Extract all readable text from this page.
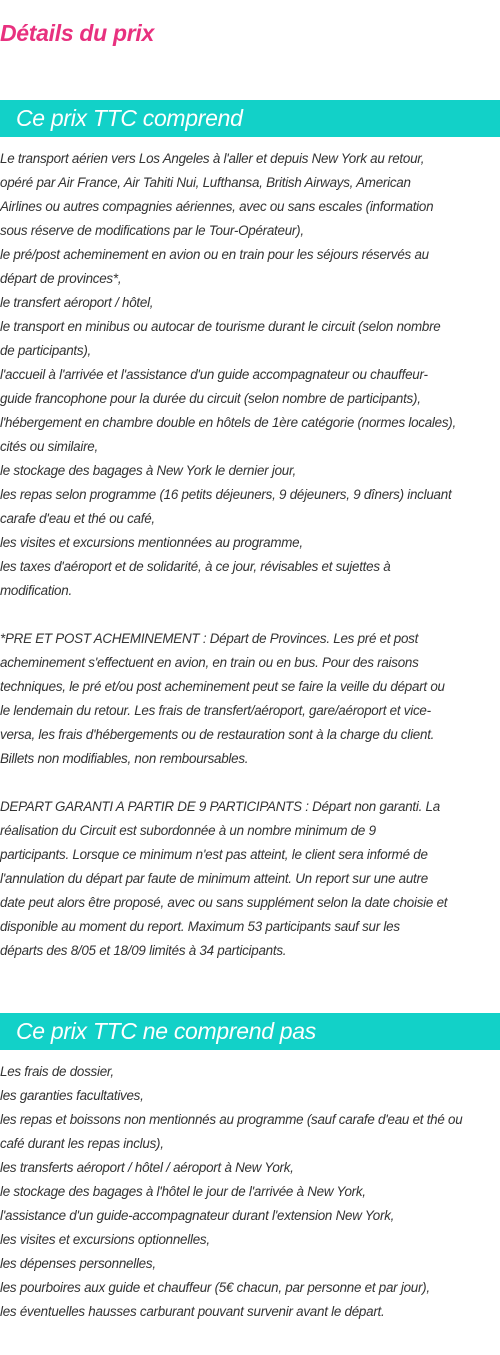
Détails du prix
Ce prix TTC comprend

Le transport aérien vers Los Angeles à l'aller et depuis New York au retour,

opéré par Air France, Air Tahiti Nui, Lufthansa, British Airways, American

Airlines ou autres compagnies aériennes, avec ou sans escales (information

sous réserve de modifications par le Tour-Opérateur),

le pré/post acheminement en avion ou en train pour les séjours réservés au

départ de provinces*,

le transfert aéroport / hôtel,

le transport en minibus ou autocar de tourisme durant le circuit (selon nombre

de participants),

l'accueil à l'arrivée et l'assistance d'un guide accompagnateur ou chauffeur-

guide francophone pour la durée du circuit (selon nombre de participants),

l'hébergement en chambre double en hôtels de 1ère catégorie (normes locales),

cités ou similaire,

le stockage des bagages à New York le dernier jour,

les repas selon programme (16 petits déjeuners, 9 déjeuners, 9 dîners) incluant

carafe d'eau et thé ou café,

les visites et excursions mentionnées au programme,

les taxes d'aéroport et de solidarité, à ce jour, révisables et sujettes à

modification.

*PRE ET POST ACHEMINEMENT : Départ de Provinces. Les pré et post

acheminement s'effectuent en avion, en train ou en bus. Pour des raisons

techniques, le pré et/ou post acheminement peut se faire la veille du départ ou

le lendemain du retour. Les frais de transfert/aéroport, gare/aéroport et vice-

versa, les frais d'hébergements ou de restauration sont à la charge du client.

Billets non modifiables, non remboursables.

DEPART GARANTI A PARTIR DE 9 PARTICIPANTS : Départ non garanti. La

réalisation du Circuit est subordonnée à un nombre minimum de 9

participants. Lorsque ce minimum n'est pas atteint, le client sera informé de

l'annulation du départ par faute de minimum atteint. Un report sur une autre

date peut alors être proposé, avec ou sans supplément selon la date choisie et

disponible au moment du report. Maximum 53 participants sauf sur les

départs des 8/05 et 18/09 limités à 34 participants.

Ce prix TTC ne comprend pas

Les frais de dossier,

les garanties facultatives,

les repas et boissons non mentionnés au programme (sauf carafe d'eau et thé ou

café durant les repas inclus),

les transferts aéroport / hôtel / aéroport à New York,

le stockage des bagages à l'hôtel le jour de l'arrivée à New York,

l'assistance d'un guide-accompagnateur durant l'extension New York,

les visites et excursions optionnelles,

les dépenses personnelles,

les pourboires aux guide et chauffeur (5€ chacun, par personne et par jour),

les éventuelles hausses carburant pouvant survenir avant le départ.
